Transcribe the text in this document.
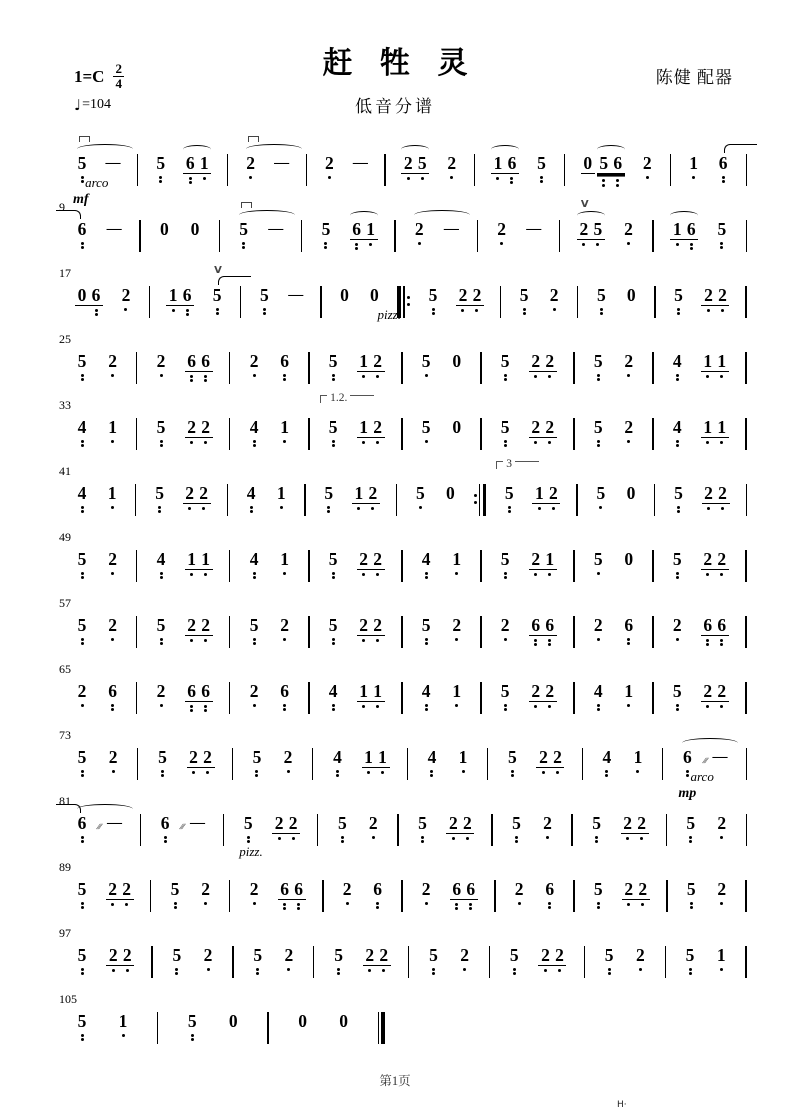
$1=C \frac{2}{4}$
♩ =104
赶 牲 灵
低音分谱
陈健 配器
5
arco
mf
— 5 6 1 2 — 2 — 2 5 2 1 6 5 0 5 6 2 1 6
9
6 — 0 0 5 — 5 6 1 2 — 2 — 2 5
V
2 1 6 5
17
0 6 2 1 6 5
V
5 — 0 0
pizz.
5 2 2 5 2 5 0 5 2 2
25
5 2 2 6 6 2 6 5 1 2 5 0 5 2 2 5 2 4 1 1
33
4 1 5 2 2 4 1 5
1.2.
1 2 5 0 5 2 2 5 2 4 1 1
41
4 1 5 2 2 4 1 5 1 2 5 0	5
3
1 2 5 0 5 2 2
49
5 2 4 1 1 4 1 5 2 2 4 1 5 2 1 5 0 5 2 2
57
5 2 5 2 2 5 2 5 2 2 5 2 2 6 6 2 6 2 6 6
65
2 6 2 6 6 2 6 4 1 1 4 1 5 2 2 4 1 5 2 2
73
5 2 5 2 2 5 2 4 1 1 4 1 5 2 2 4 1 6 ///
arco
mp
—
81
6 /// — 6 /// — 5
pizz.
2 2 5 2 5 2 2 5 2 5 2 2 5 2
89
5 2 2 5 2 2 6 6 2 6 2 6 6 2 6 5 2 2 5 2
97
5 2 2 5 2 5 2 5 2 2 5 2 5 2 2 5 2 5 1
105
5 1	5 0	0 0
第1页
H·
